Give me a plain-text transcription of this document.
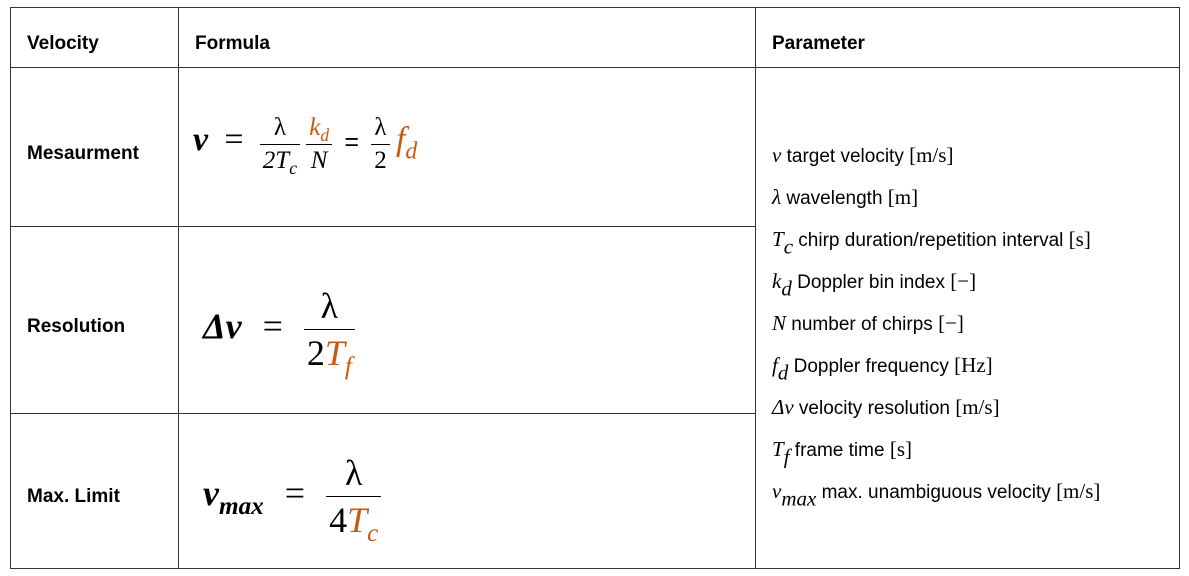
Velocity	Formula	Parameter
Mesaurment
Resolution
Max. Limit
$v = \frac{\lambda}{2T_c}$
$\frac{k_d}{N} = \frac{\lambda}{2} f_d$
$\Delta v = \frac{\lambda}{2T_f}$
$v_{max} = \frac{\lambda}{4T_c}$
v target velocity [m/s]
λ wavelength [m]
$T_c$ chirp duration/repetition interval [s]
$k_d$ Doppler bin index [−]
N number of chirps [−]
$f_d$ Doppler frequency [Hz]
Δv velocity resolution [m/s]
$T_f$ frame time [s]
$v_{max}$ max. unambiguous velocity [m/s]
